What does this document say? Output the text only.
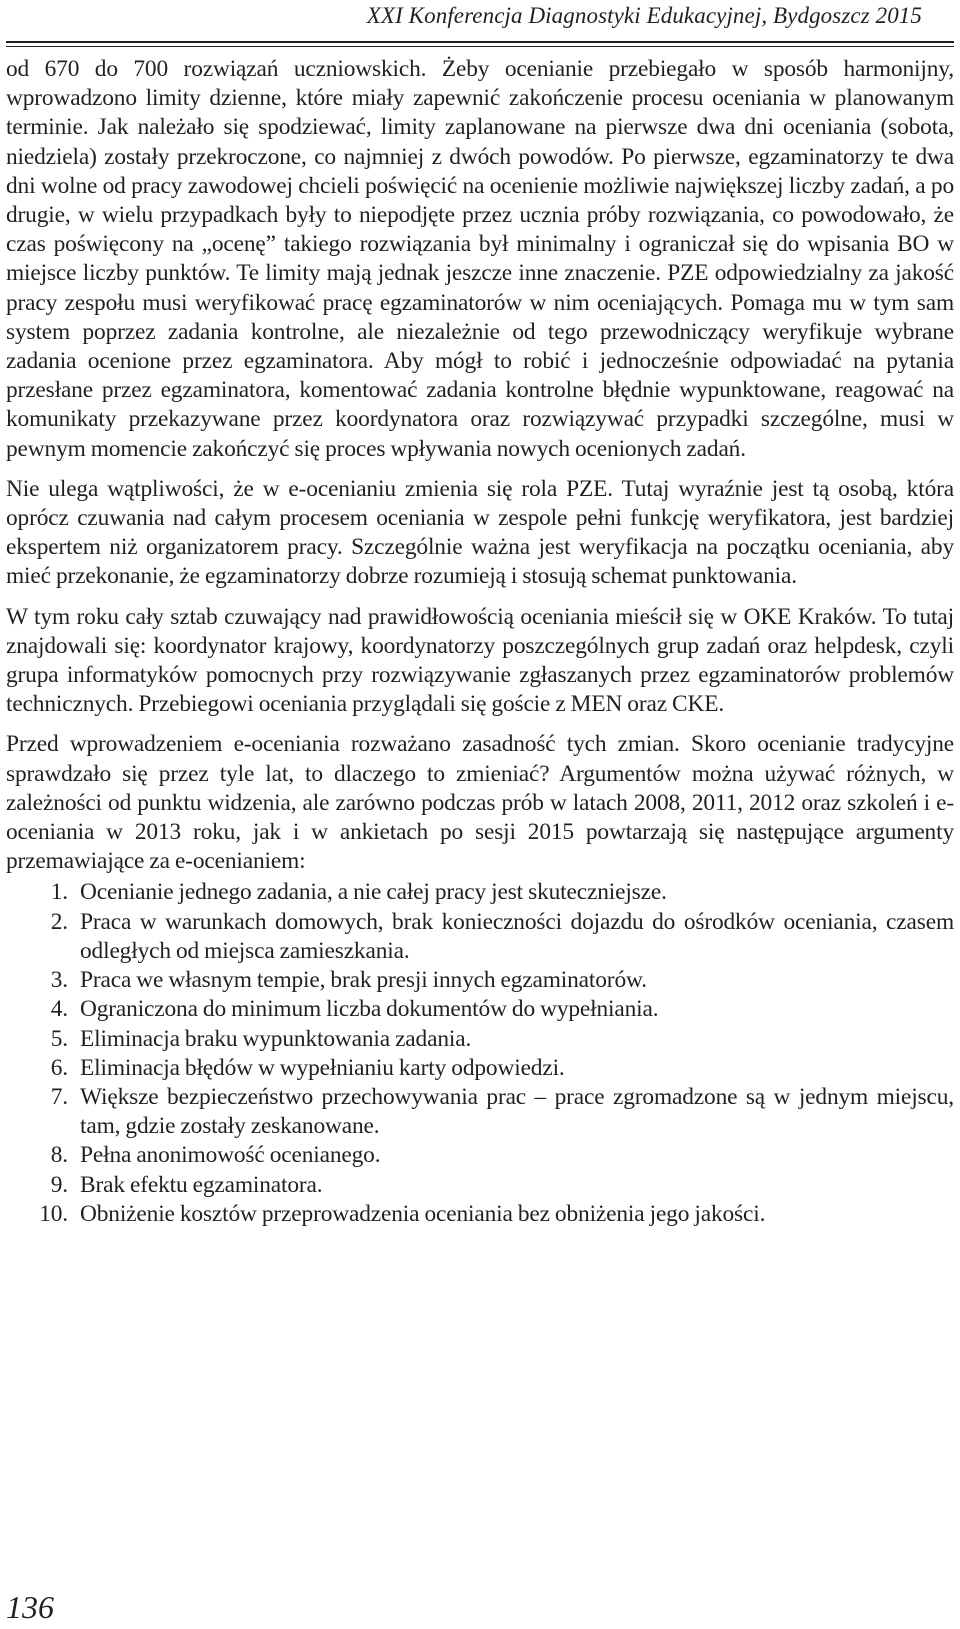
XXI Konferencja Diagnostyki Edukacyjnej, Bydgoszcz 2015

od 670 do 700 rozwiązań uczniowskich. Żeby ocenianie przebiegało w sposób harmonijny, wprowadzono limity dzienne, które miały zapewnić zakończenie procesu oceniania w planowanym terminie. Jak należało się spodziewać, limity zaplanowane na pierwsze dwa dni oceniania (sobota, niedziela) zostały przekroczone, co najmniej z dwóch powodów. Po pierwsze, egzaminatorzy te dwa dni wolne od pracy zawodowej chcieli poświęcić na ocenienie możliwie największej liczby zadań, a po drugie, w wielu przypadkach były to niepodjęte przez ucznia próby rozwiązania, co powodowało, że czas poświęcony na „ocenę” takiego rozwiązania był minimalny i ograniczał się do wpisania BO w miejsce liczby punktów. Te limity mają jednak jeszcze inne znaczenie. PZE odpowiedzialny za jakość pracy zespołu musi weryfikować pracę egzaminatorów w nim oceniających. Pomaga mu w tym sam system poprzez zadania kontrolne, ale niezależnie od tego przewodniczący weryfikuje wybrane zadania ocenione przez egzaminatora. Aby mógł to robić i jednocześnie odpowiadać na pytania przesłane przez egzaminatora, komentować zadania kontrolne błędnie wypunktowane, reagować na komunikaty przekazywane przez koordynatora oraz rozwiązywać przypadki szczególne, musi w pewnym momencie zakończyć się proces wpływania nowych ocenionych zadań.

Nie ulega wątpliwości, że w e-ocenianiu zmienia się rola PZE. Tutaj wyraźnie jest tą osobą, która oprócz czuwania nad całym procesem oceniania w zespole pełni funkcję weryfikatora, jest bardziej ekspertem niż organizatorem pracy. Szczególnie ważna jest weryfikacja na początku oceniania, aby mieć przekonanie, że egzaminatorzy dobrze rozumieją i stosują schemat punktowania.

W tym roku cały sztab czuwający nad prawidłowością oceniania mieścił się w OKE Kraków. To tutaj znajdowali się: koordynator krajowy, koordynatorzy poszczególnych grup zadań oraz helpdesk, czyli grupa informatyków pomocnych przy rozwiązywanie zgłaszanych przez egzaminatorów problemów technicznych. Przebiegowi oceniania przyglądali się goście z MEN oraz CKE.

Przed wprowadzeniem e-oceniania rozważano zasadność tych zmian. Skoro ocenianie tradycyjne sprawdzało się przez tyle lat, to dlaczego to zmieniać? Argumentów można używać różnych, w zależności od punktu widzenia, ale zarówno podczas prób w latach 2008, 2011, 2012 oraz szkoleń i e-oceniania w 2013 roku, jak i w ankietach po sesji 2015 powtarzają się następujące argumenty przemawiające za e-ocenianiem:

1. Ocenianie jednego zadania, a nie całej pracy jest skuteczniejsze.
2. Praca w warunkach domowych, brak konieczności dojazdu do ośrodków oceniania, czasem odległych od miejsca zamieszkania.
3. Praca we własnym tempie, brak presji innych egzaminatorów.
4. Ograniczona do minimum liczba dokumentów do wypełniania.
5. Eliminacja braku wypunktowania zadania.
6. Eliminacja błędów w wypełnianiu karty odpowiedzi.
7. Większe bezpieczeństwo przechowywania prac – prace zgromadzone są w jednym miejscu, tam, gdzie zostały zeskanowane.
8. Pełna anonimowość ocenianego.
9. Brak efektu egzaminatora.
10. Obniżenie kosztów przeprowadzenia oceniania bez obniżenia jego jakości.
136
